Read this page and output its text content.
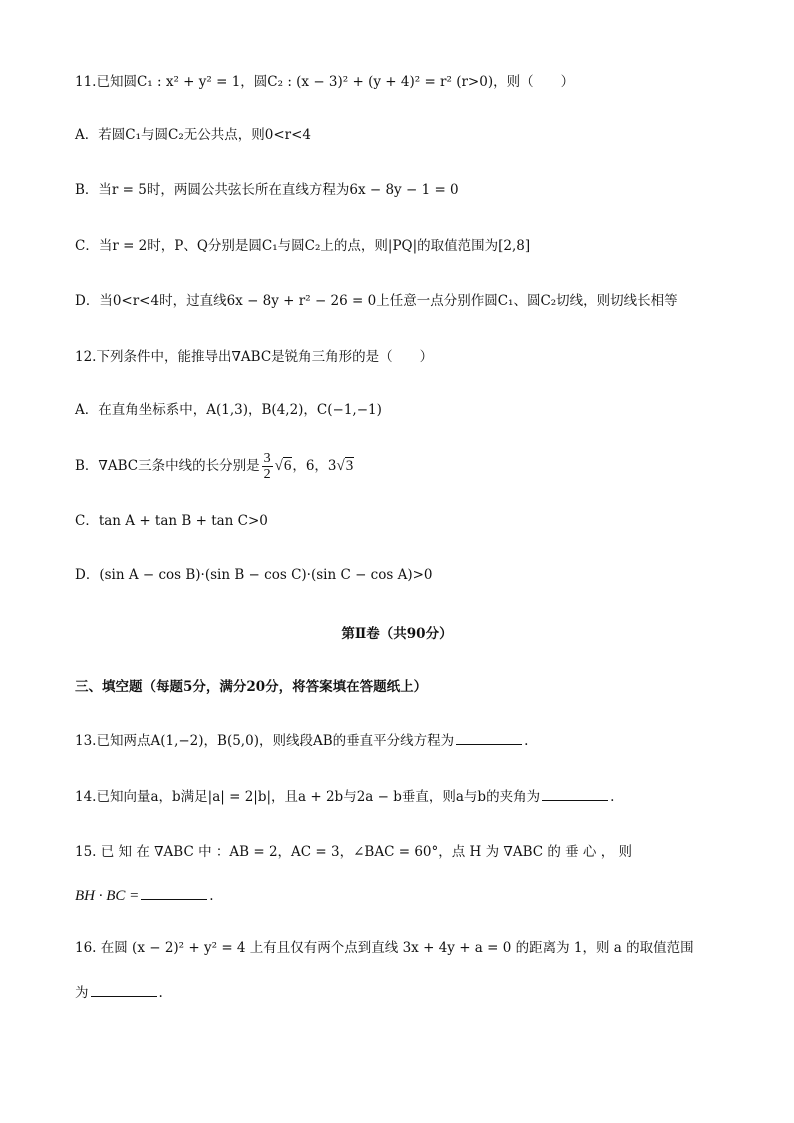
11.已知圆C₁ : x² + y² = 1，圆C₂ : (x − 3)² + (y + 4)² = r² (r>0)，则（　　）
A．若圆C₁与圆C₂无公共点，则0<r<4
B．当r = 5时，两圆公共弦长所在直线方程为6x − 8y − 1 = 0
C．当r = 2时，P、Q分别是圆C₁与圆C₂上的点，则|PQ|的取值范围为[2,8]
D．当0<r<4时，过直线6x − 8y + r² − 26 = 0上任意一点分别作圆C₁、圆C₂切线，则切线长相等
12.下列条件中，能推导出∇ABC是锐角三角形的是（　　）
A．在直角坐标系中，A(1,3)，B(4,2)，C(−1,−1)
B．∇ABC三条中线的长分别是 $\frac{3}{2} √6$，6，3√3
C．tan A + tan B + tan C>0
D．(sin A − cos B)·(sin B − cos C)·(sin C − cos A)>0
第Ⅱ卷（共90分）
三、填空题（每题5分，满分20分，将答案填在答题纸上）
13.已知两点A(1,−2)，B(5,0)，则线段AB的垂直平分线方程为	.
14.已知向量a，b满足|a| = 2|b|，且a + 2b与2a − b垂直，则a与b的夹角为	.
15. 已 知 在 ∇ABC 中 ：AB = 2，AC = 3，∠BAC = 60°，点 H 为 ∇ABC 的 垂 心 ， 则
BH · BC =	.
16. 在圆 (x − 2)² + y² = 4 上有且仅有两个点到直线 3x + 4y + a = 0 的距离为 1，则 a 的取值范围
为	.
